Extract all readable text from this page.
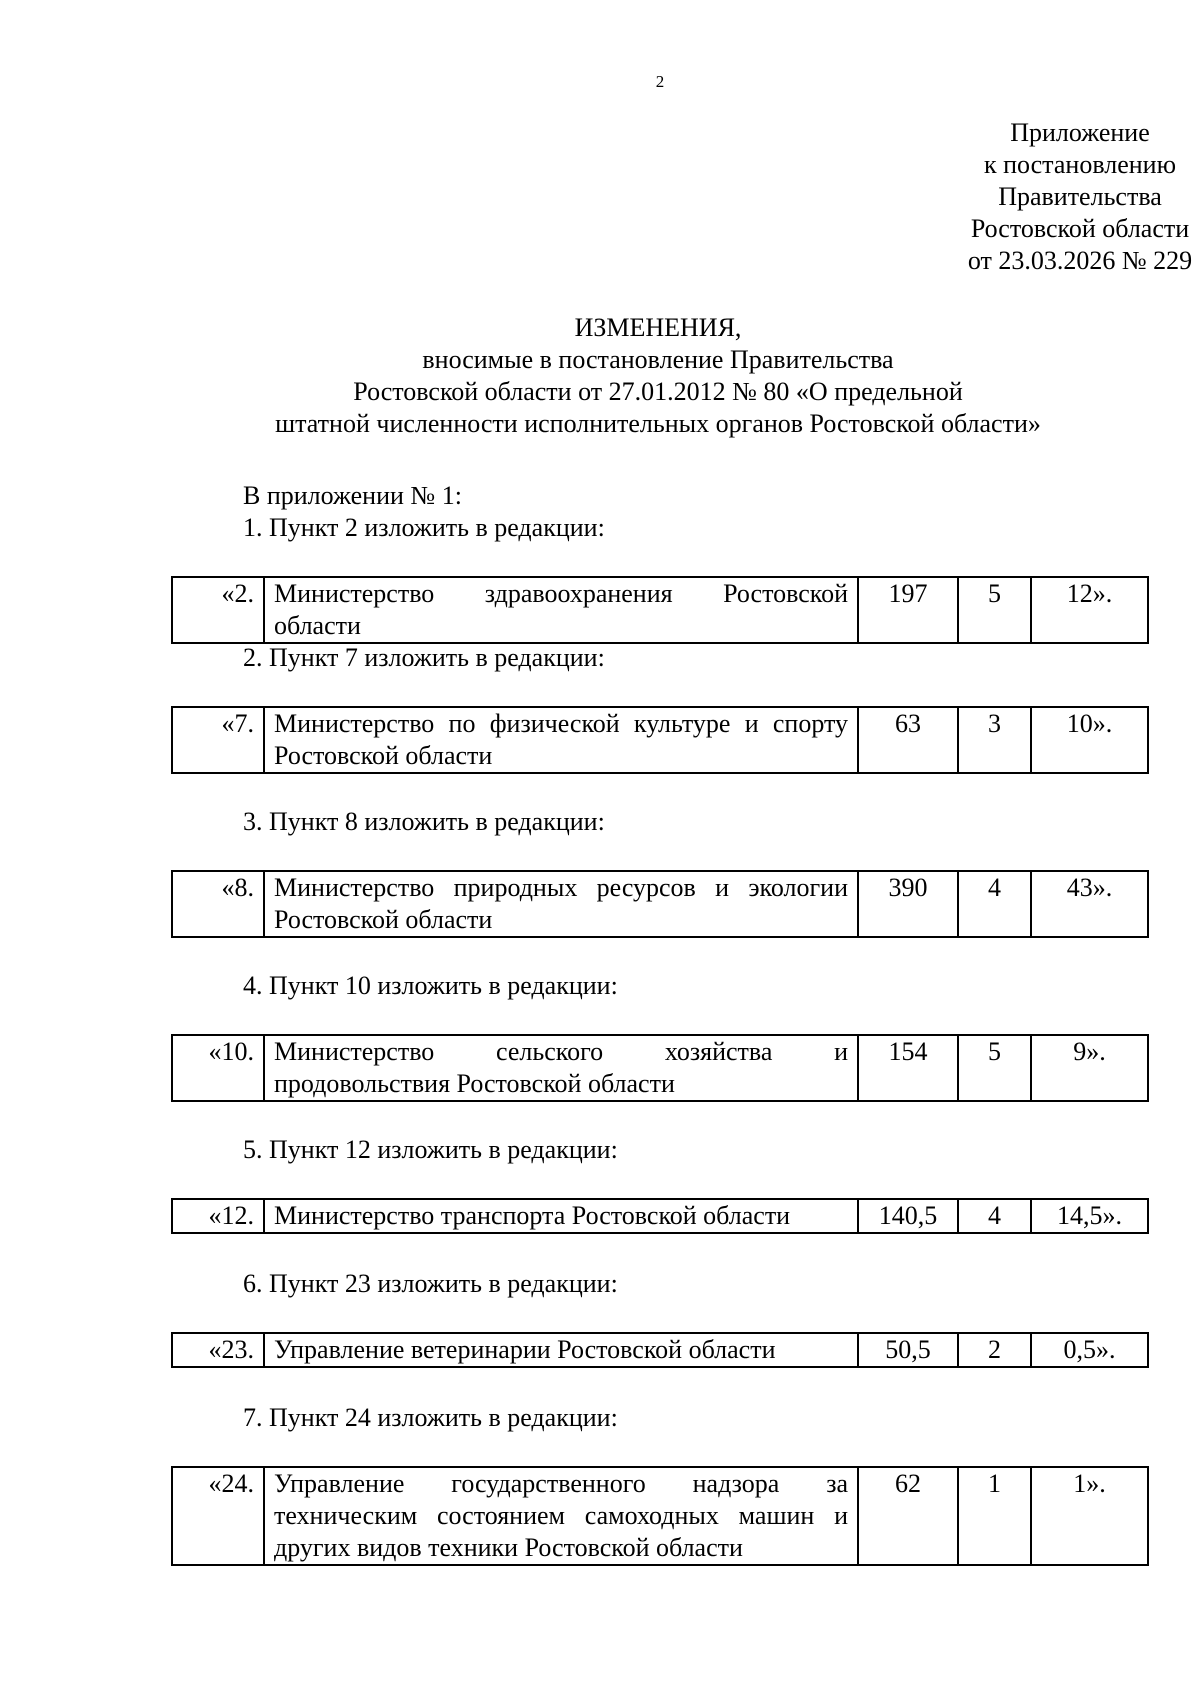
2
Приложение
к постановлению
Правительства
Ростовской области
от 23.03.2026 № 229
ИЗМЕНЕНИЯ,
вносимые в постановление Правительства
Ростовской области от 27.01.2012 № 80 «О предельной
штатной численности исполнительных органов Ростовской области»
В приложении № 1:
1. Пункт 2 изложить в редакции:
«2.	Министерство здравоохранения Ростовской области	197	5	12».
2. Пункт 7 изложить в редакции:
«7.	Министерство по физической культуре и спорту Ростовской области	63	3	10».
3. Пункт 8 изложить в редакции:
«8.	Министерство природных ресурсов и экологии Ростовской области	390	4	43».
4. Пункт 10 изложить в редакции:
«10.	Министерство сельского хозяйства и продовольствия Ростовской области	154	5	9».
5. Пункт 12 изложить в редакции:
«12.	Министерство транспорта Ростовской области	140,5	4	14,5».
6. Пункт 23 изложить в редакции:
«23.	Управление ветеринарии Ростовской области	50,5	2	0,5».
7. Пункт 24 изложить в редакции:
«24.	Управление государственного надзора за техническим состоянием самоходных машин и других видов техники Ростовской области	62	1	1».
